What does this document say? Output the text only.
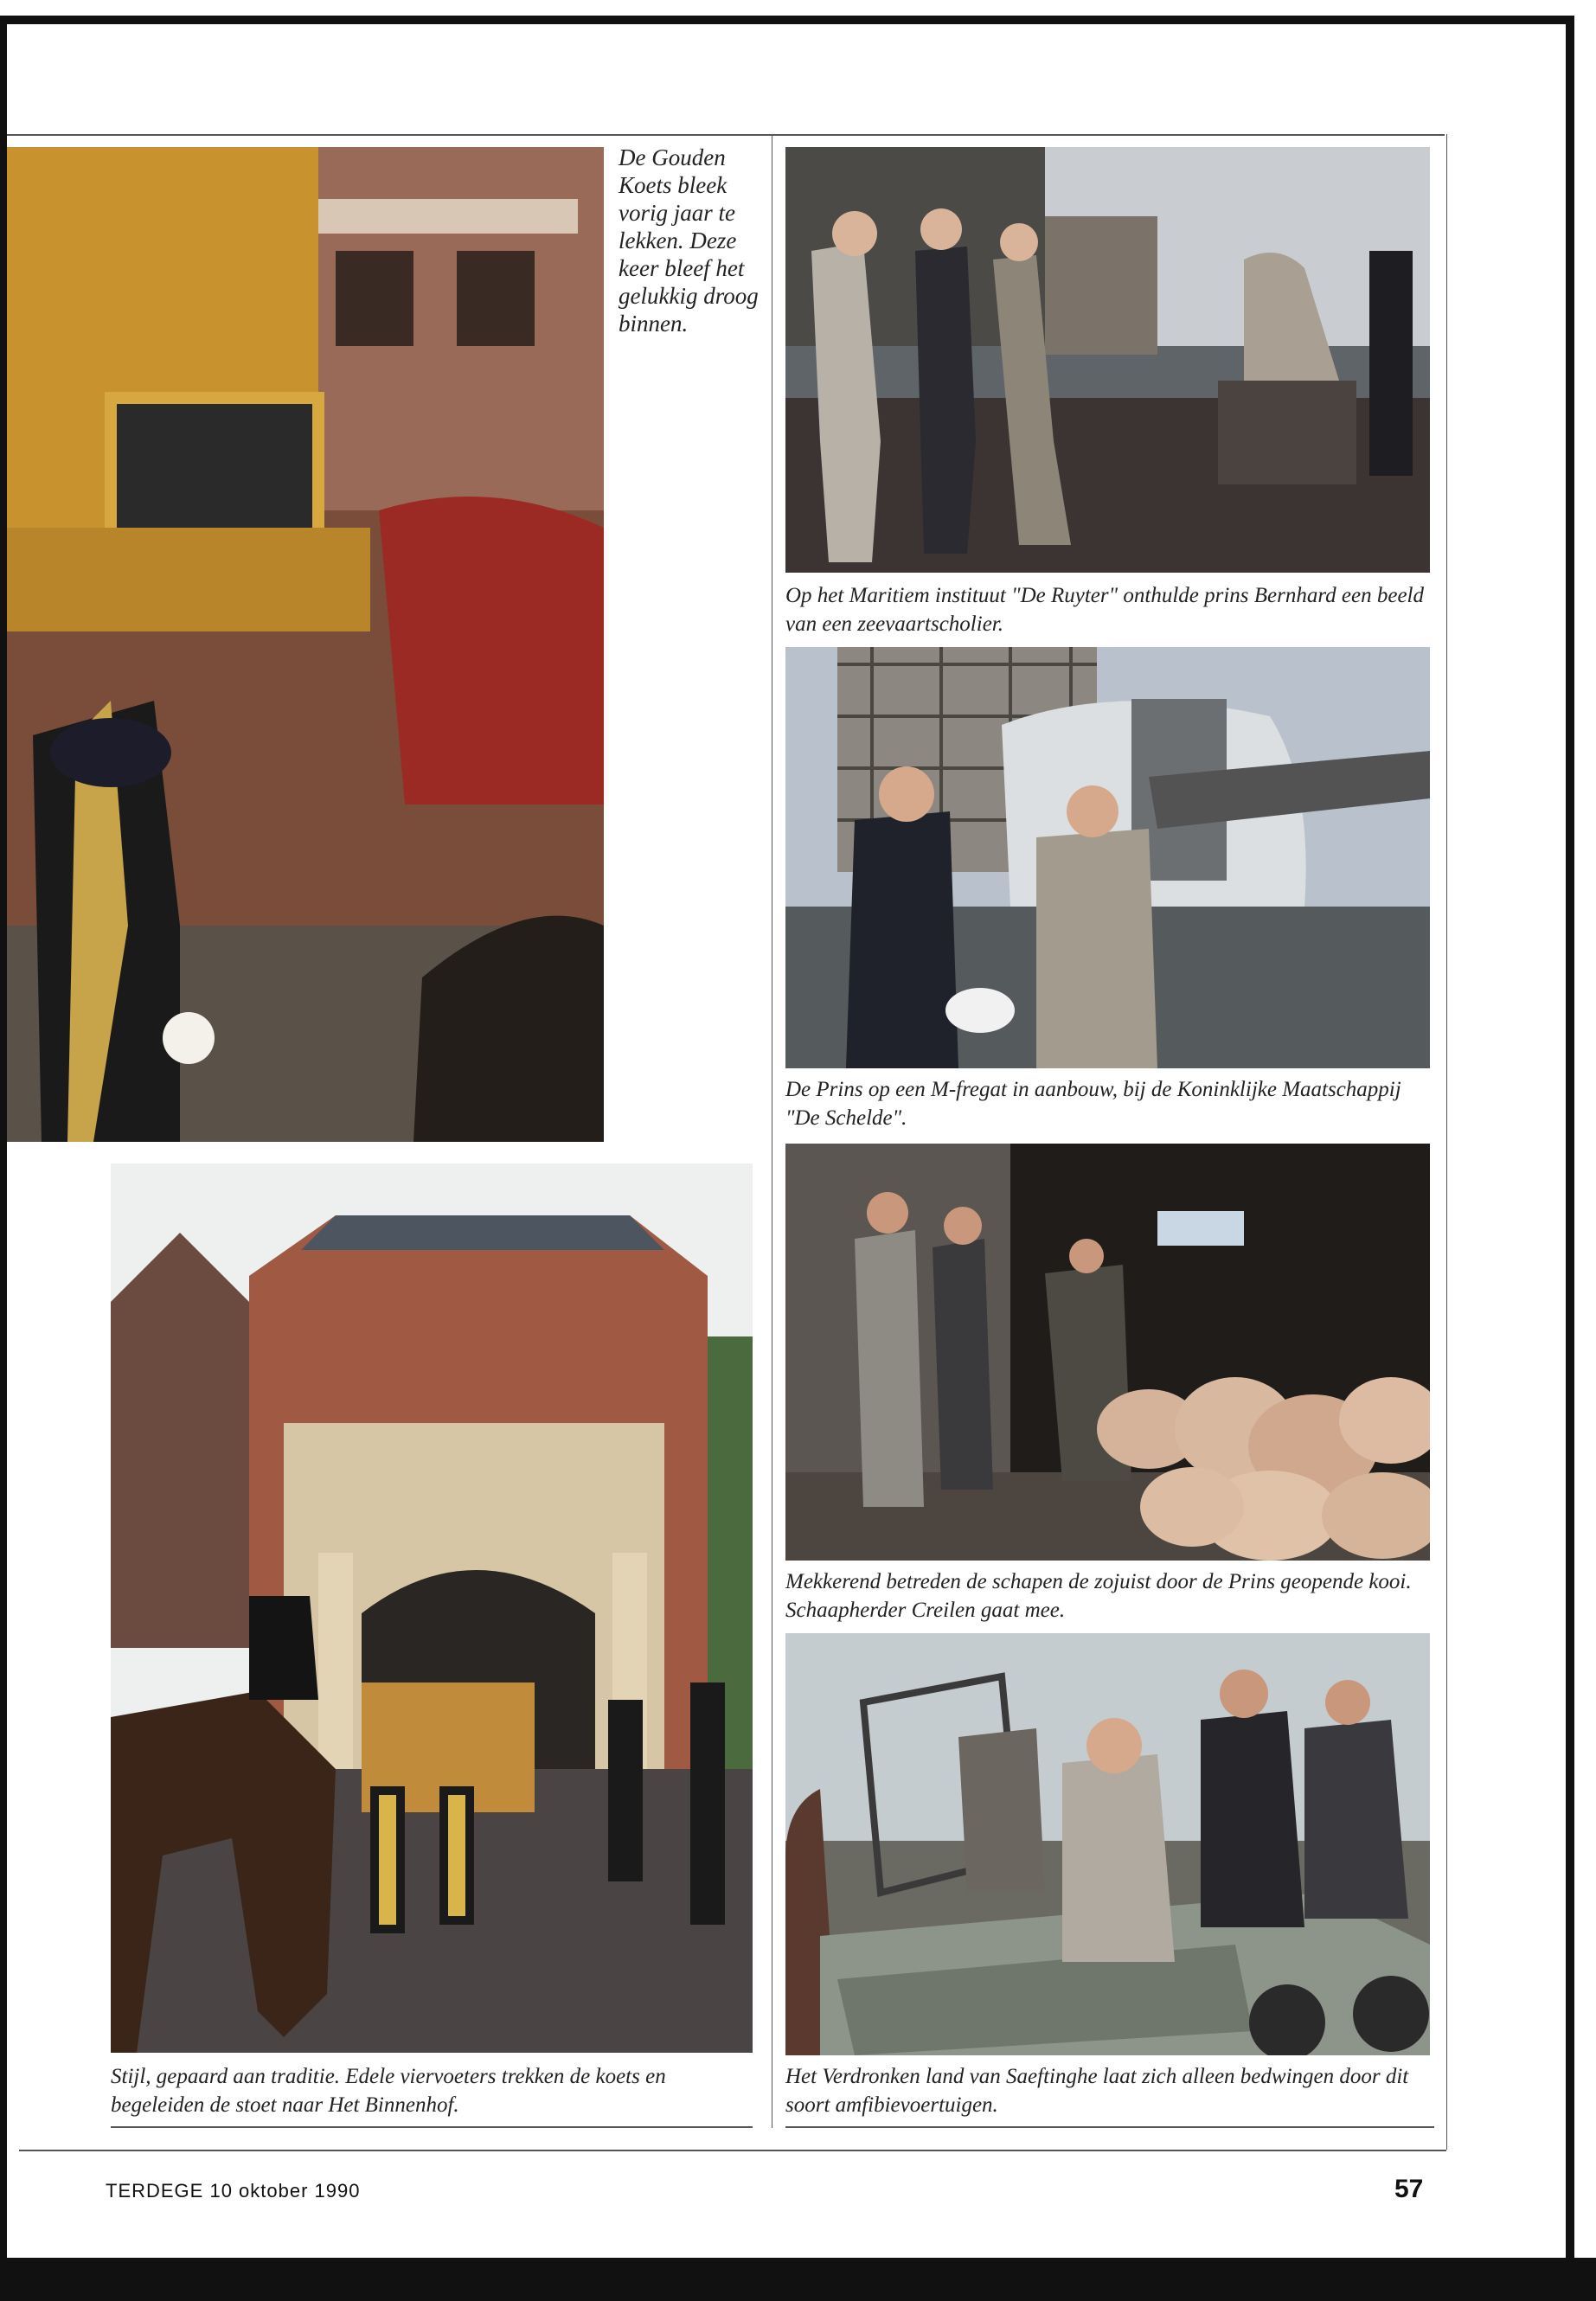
De Gouden Koets bleek vorig jaar te lekken. Deze keer bleef het gelukkig droog binnen.
Op het Maritiem instituut "De Ruyter" onthulde prins Bernhard een beeld van een zeevaartscholier.
De Prins op een M-fregat in aanbouw, bij de Koninklijke Maatschappij "De Schelde".
Stijl, gepaard aan traditie. Edele viervoeters trekken de koets en begeleiden de stoet naar Het Binnenhof.
Mekkerend betreden de schapen de zojuist door de Prins geopende kooi. Schaapherder Creilen gaat mee.
Het Verdronken land van Saeftinghe laat zich alleen bedwingen door dit soort amfibievoertuigen.
TERDEGE 10 oktober 1990	57
